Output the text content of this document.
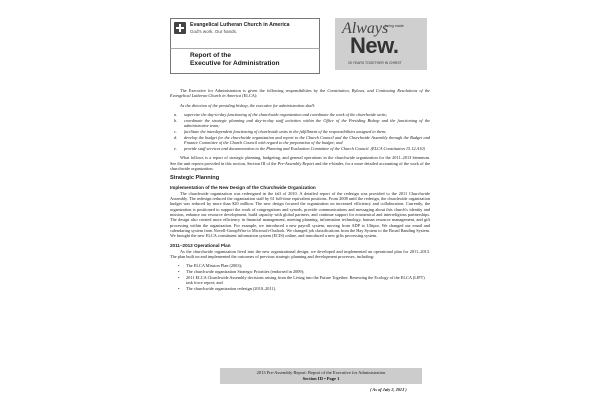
Evangelical Lutheran Church in America
God's work. Our hands.
Report of the
Executive for Administration
Always
being made
New.
25 YEARS TOGETHER IN CHRIST

The Executive for Administration is given the following responsibilities by the Constitution, Bylaws, and Continuing Resolutions of the Evangelical Lutheran Church in America (ELCA):

As the direction of the presiding bishop, the executive for administration shall:

a. supervise the day-to-day functioning of the churchwide organization and coordinate the work of the churchwide units;
b. coordinate the strategic planning and day-to-day staff activities within the Office of the Presiding Bishop and the functioning of the administrative team;
c. facilitate the interdependent functioning of churchwide units in the fulfillment of the responsibilities assigned to them;
d. develop the budget for the churchwide organization and report to the Church Council and the Churchwide Assembly through the Budget and Finance Committee of the Church Council with regard to the preparation of the budget; and
e. provide staff services and documentation to the Planning and Evaluation Committee of the Church Council. (ELCA Constitution 15.12.A10)

What follows is a report of strategic planning, budgeting, and general operations in the churchwide organization for the 2011–2013 biennium. See the unit reports provided in this section, Section III of the Pre-Assembly Report and the e-binder, for a more detailed accounting of the work of the churchwide organization.

Strategic Planning
Implementation of the New Design of the Churchwide Organization

The churchwide organization was redesigned in the fall of 2010. A detailed report of the redesign was provided to the 2011 Churchwide Assembly. The redesign reduced the organization staff by 61 full-time equivalent positions. From 2008 until the redesign, the churchwide organization budget was reduced by more than $20 million. The new design focused the organization on increased efficiency and collaboration. Currently, the organization is positioned to support the work of congregations and synods, provide communications and messaging about this church's identity and mission, enhance our resource development, build capacity with global partners, and continue support for ecumenical and interreligious partnerships. The design also created more efficiency in financial management, meeting planning, information technology, human resource management, and gift processing within the organization. For example, we introduced a new payroll system, moving from ADP to Ultipro. We changed our email and calendaring system from Novell-GroupWise to Microsoft-Outlook. We changed job classifications from the Hay System to the Broad Banding System. We brought the new ELCA constituent information system (ECIS) online, and introduced a new gifts processing system.

2011–2013 Operational Plan

As the churchwide organization lived into the new organizational design, we developed and implemented an operational plan for 2011–2013. The plan built on and implemented the outcomes of previous strategic planning and development processes, including:

• The ELCA Mission Plan (2003);
• The churchwide organization Strategic Priorities (endorsed in 2009);
• 2011 ELCA Churchwide Assembly decisions arising from the Living into the Future Together: Renewing the Ecology of the ELCA (LIFT) task force report; and
• The churchwide organization redesign (2010–2011).
2013 Pre-Assembly Report: Report of the Executive for Administration
Section III • Page 1
( As of July 2, 2013 )
